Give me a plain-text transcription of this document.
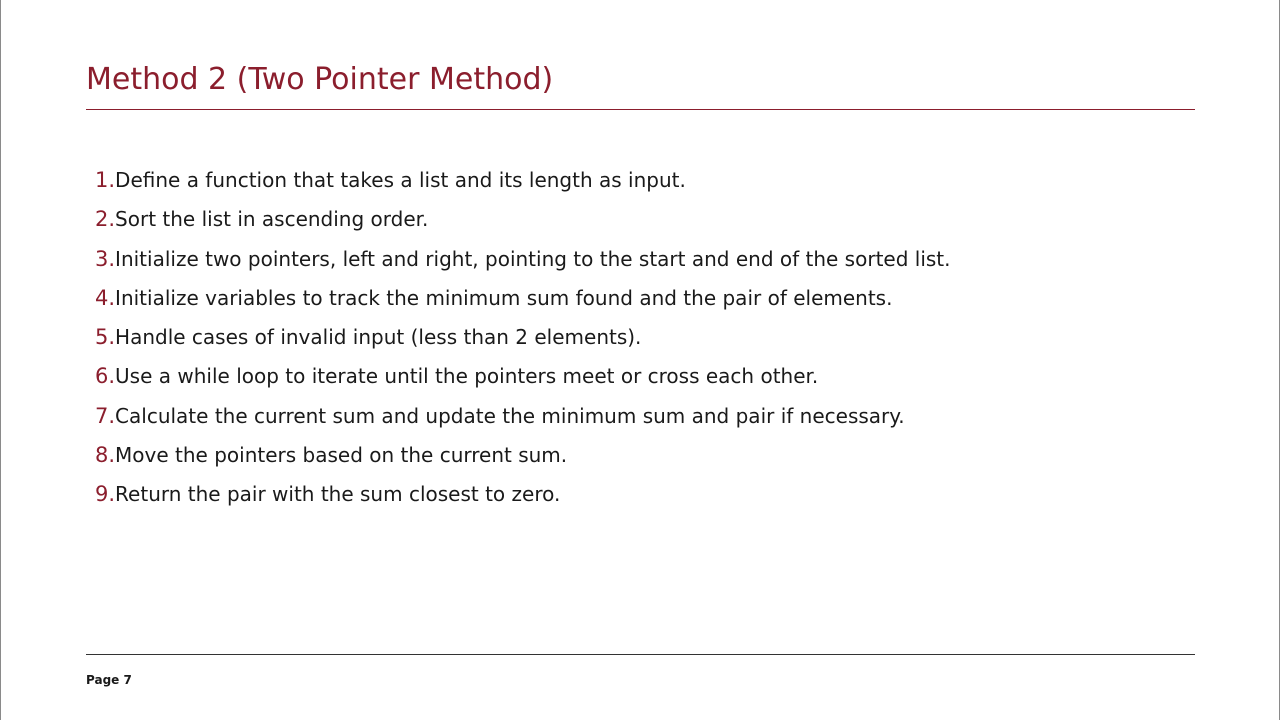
Method 2 (Two Pointer Method)
1. Define a function that takes a list and its length as input.
2. Sort the list in ascending order.
3. Initialize two pointers, left and right, pointing to the start and end of the sorted list.
4. Initialize variables to track the minimum sum found and the pair of elements.
5. Handle cases of invalid input (less than 2 elements).
6. Use a while loop to iterate until the pointers meet or cross each other.
7. Calculate the current sum and update the minimum sum and pair if necessary.
8. Move the pointers based on the current sum.
9. Return the pair with the sum closest to zero.
Page 7
